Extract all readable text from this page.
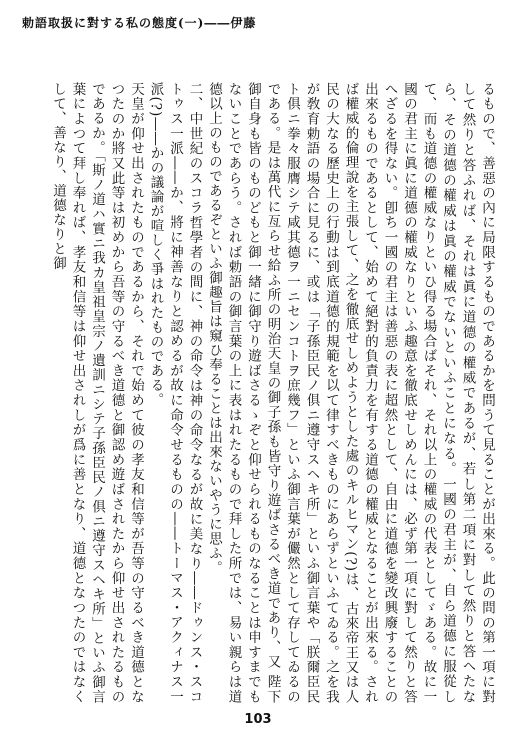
勅語取扱に對する私の態度(一)――伊藤

るもので、善惡の內に局限するものであるかを問うて見ることが出來る。此の問の第一項に對して然りと答ふれば、それは眞に道德の權威であるが、若し第二項に對して然りと答へたなら、その道德の權威は眞の權威でないといふことになる。一國の君主が、自ら道德に服從して、而も道德の權威なりといひ得る場合ばそれ、それ以上の權威の代表としてゞある。故に一國の君主に眞に道德の權威なりといふ趣意を徹底せしめんには、必ず第一項に對して然りと答へざるを得ない。卽ち一國の君主は善惡の表に超然として、自由に道德を變改興廢することの出來るものであるとして、始めて絕對的負責力を有する道德の權威となることが出來る。されば權威的倫理說を主張して、之を徹底せしめようとした處のキルヒマン(?)は、古來帝王又は人民の大なる歷史上の行動は到底道德的規範を以て律すべきものにあらずといふてゐる。之を我が敎育勅語の場合に見るに、或は「子孫臣民ノ俱ニ遵守スヘキ所」といふ御言葉や「朕爾臣民ト俱ニ拳々服膺シテ咸其德ヲ一ニセンコトヲ庶幾フ」といふ御言葉が儼然として存してゐるのである。是は萬代に亙らせ給ふ所の明治天皇の御子孫も皆守り遊ばさるべき道であり、又 陛下御自身も皆のものどもと御一緖に御守り遊ばさるゝぞと仰せられるものなることは申すまでもないことであらう。されば勅語の御言葉の上に表はれたるもので拜した所では、易い親らは道德以上のものであるぞといふ御趣旨は窺ひ奉ることは出來ないやうに思ふ。

二、中世紀のスコラ哲學者の間に、神の命令は神の命令なるが故に美なり――ドゥンス・スコトゥス一派――か、將に神善なりと認めるが故に命令せるものの――トーマス・アクィナス一派(?)――かの議論が喧しく爭はれたものである。

天皇が仰せ出されたものであるから、それで始めて彼の孝友和信等が吾等の守るべき道德となつたのか將又此等は初めから吾等の守るべき道德と御認め遊ばされたから仰せ出されたるものであるか。「斯ノ道ハ實ニ我カ皇祖皇宗ノ遺訓ニシテ子孫臣民ノ俱ニ遵守スヘキ所」といふ御言葉によつて拜し奉れば、孝友和信等は仰せ出されしが爲に善となり、道德となつたのではなくして、善なり、道德なりと御

103
